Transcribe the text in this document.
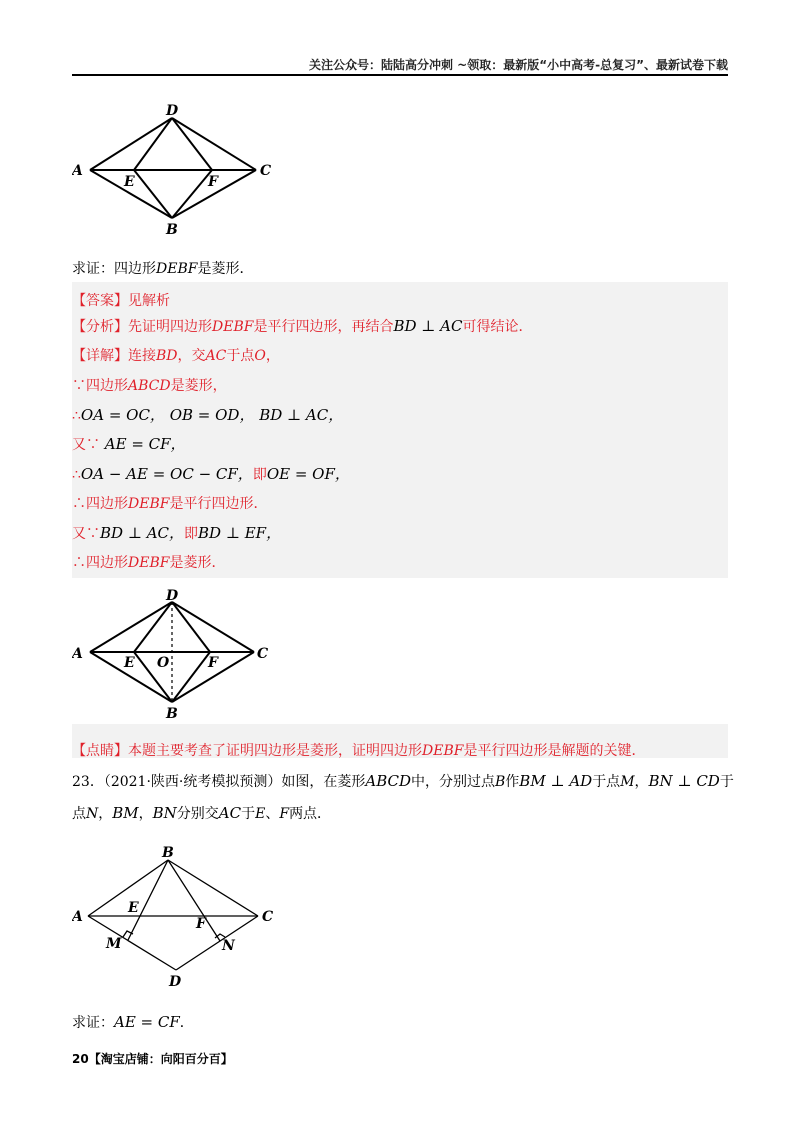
关注公众号：陆陆高分冲刺 ~领取：最新版“小中高考-总复习”、最新试卷下载
D
A	C
E	F
B
求证：四边形DEBF是菱形．
【答案】见解析
【分析】先证明四边形DEBF是平行四边形，再结合BD ⊥ AC可得结论．
【详解】连接BD，交AC于点O，
∵四边形ABCD是菱形，
∴OA = OC， OB = OD， BD ⊥ AC，
又∵ AE = CF，
∴OA − AE = OC − CF，即OE = OF，
∴四边形DEBF是平行四边形．
又∵BD ⊥ AC，即BD ⊥ EF，
∴四边形DEBF是菱形．
D
A	C
E O	F
B
【点睛】本题主要考查了证明四边形是菱形，证明四边形DEBF是平行四边形是解题的关键．
23．（2021·陕西·统考模拟预测）如图，在菱形ABCD中，分别过点B作BM ⊥ AD于点M，BN ⊥ CD于
点N，BM，BN分别交AC于E、F两点．
B
A	C
E
F
M	N
D
求证：AE = CF．
20【淘宝店铺：向阳百分百】
